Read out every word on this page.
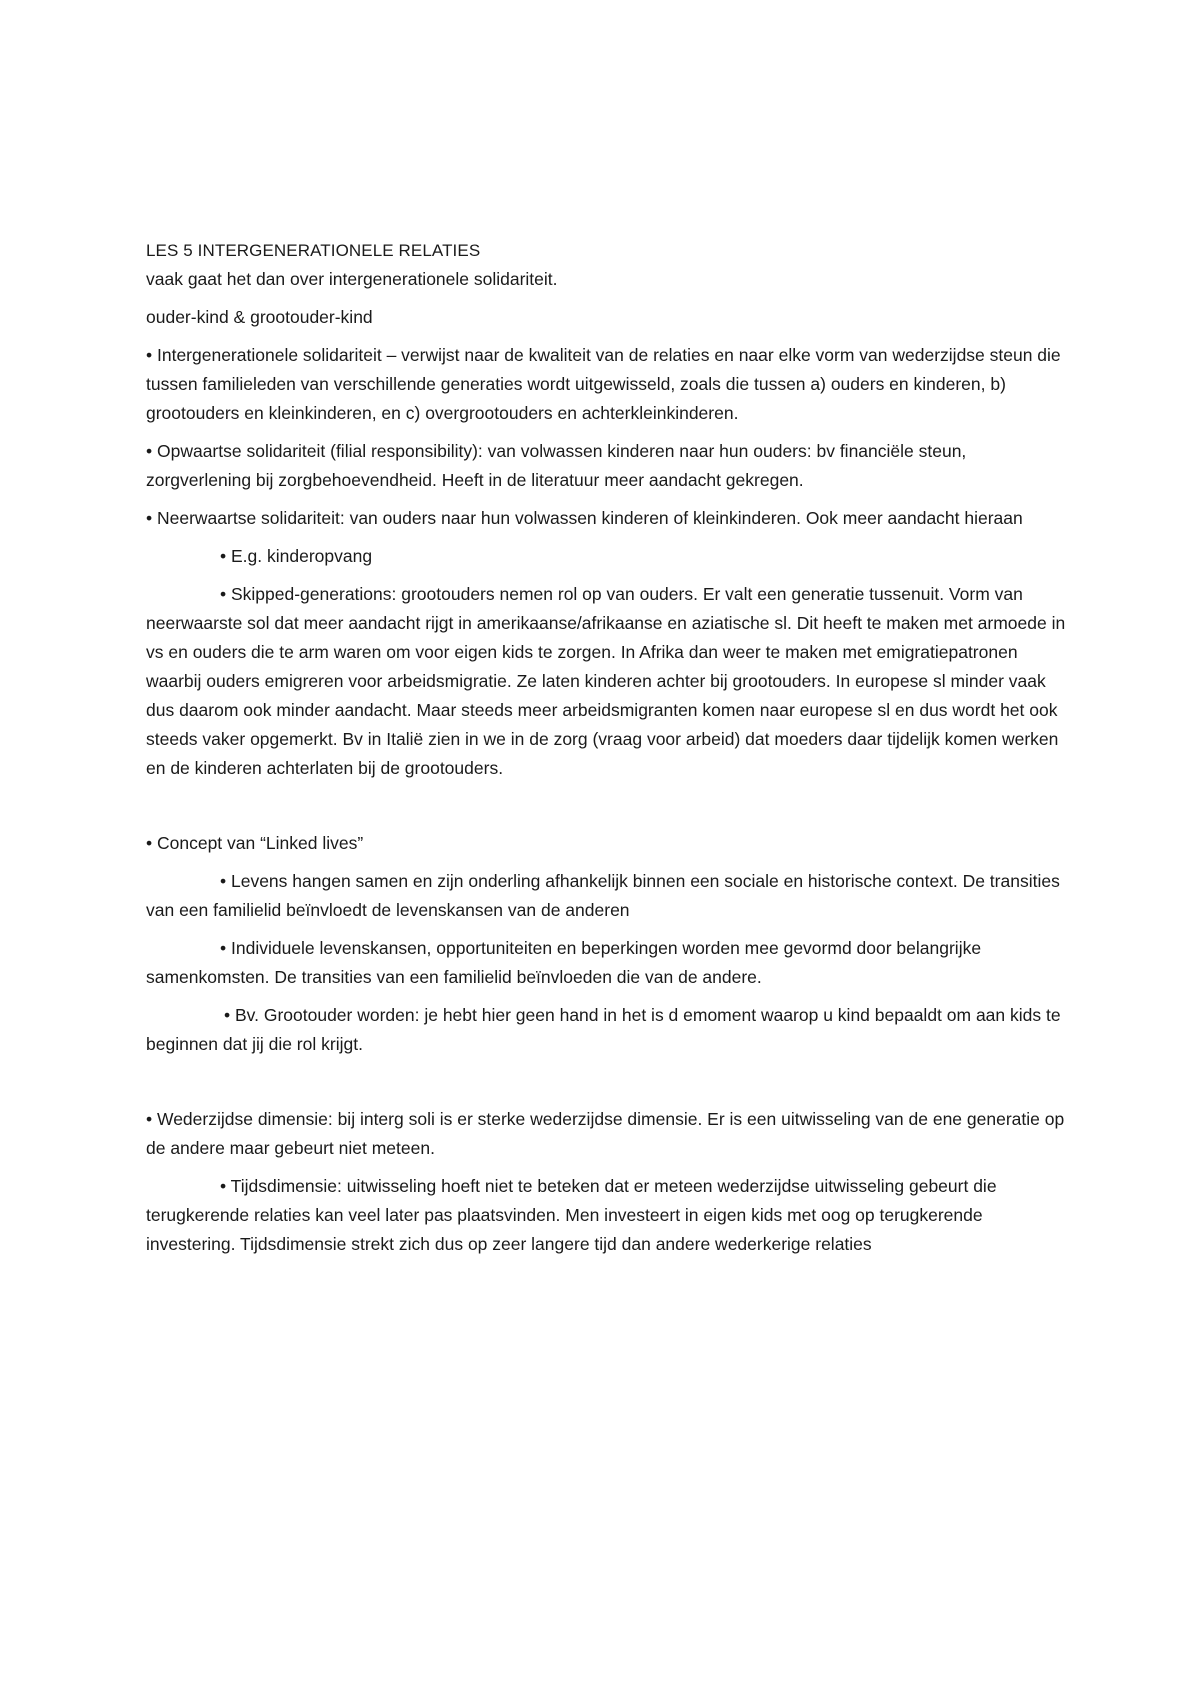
LES 5 INTERGENERATIONELE RELATIES

vaak gaat het dan over intergenerationele solidariteit.

ouder-kind & grootouder-kind

• Intergenerationele solidariteit – verwijst naar de kwaliteit van de relaties en naar elke vorm van wederzijdse steun die tussen familieleden van verschillende generaties wordt uitgewisseld, zoals die tussen a) ouders en kinderen, b) grootouders en kleinkinderen, en c) overgrootouders en achterkleinkinderen.

• Opwaartse solidariteit (filial responsibility): van volwassen kinderen naar hun ouders: bv financiële steun, zorgverlening bij zorgbehoevendheid. Heeft in de literatuur meer aandacht gekregen.

• Neerwaartse solidariteit: van ouders naar hun volwassen kinderen of kleinkinderen. Ook meer aandacht hieraan

• E.g. kinderopvang

• Skipped-generations: grootouders nemen rol op van ouders. Er valt een generatie tussenuit. Vorm van neerwaarste sol dat meer aandacht rijgt in amerikaanse/afrikaanse en aziatische sl. Dit heeft te maken met armoede in vs en ouders die te arm waren om voor eigen kids te zorgen. In Afrika dan weer te maken met emigratiepatronen waarbij ouders emigreren voor arbeidsmigratie. Ze laten kinderen achter bij grootouders. In europese sl minder vaak dus daarom ook minder aandacht. Maar steeds meer arbeidsmigranten komen naar europese sl en dus wordt het ook steeds vaker opgemerkt. Bv in Italië zien in we in de zorg (vraag voor arbeid) dat moeders daar tijdelijk komen werken en de kinderen achterlaten bij de grootouders.

• Concept van “Linked lives”

• Levens hangen samen en zijn onderling afhankelijk binnen een sociale en historische context. De transities van een familielid beïnvloedt de levenskansen van de anderen

• Individuele levenskansen, opportuniteiten en beperkingen worden mee gevormd door belangrijke samenkomsten. De transities van een familielid beïnvloeden die van de andere.

• Bv. Grootouder worden: je hebt hier geen hand in het is d emoment waarop u kind bepaaldt om aan kids te beginnen dat jij die rol krijgt.

• Wederzijdse dimensie: bij interg soli is er sterke wederzijdse dimensie. Er is een uitwisseling van de ene generatie op de andere maar gebeurt niet meteen.

• Tijdsdimensie: uitwisseling hoeft niet te beteken dat er meteen wederzijdse uitwisseling gebeurt die terugkerende relaties kan veel later pas plaatsvinden. Men investeert in eigen kids met oog op terugkerende investering. Tijdsdimensie strekt zich dus op zeer langere tijd dan andere wederkerige relaties
